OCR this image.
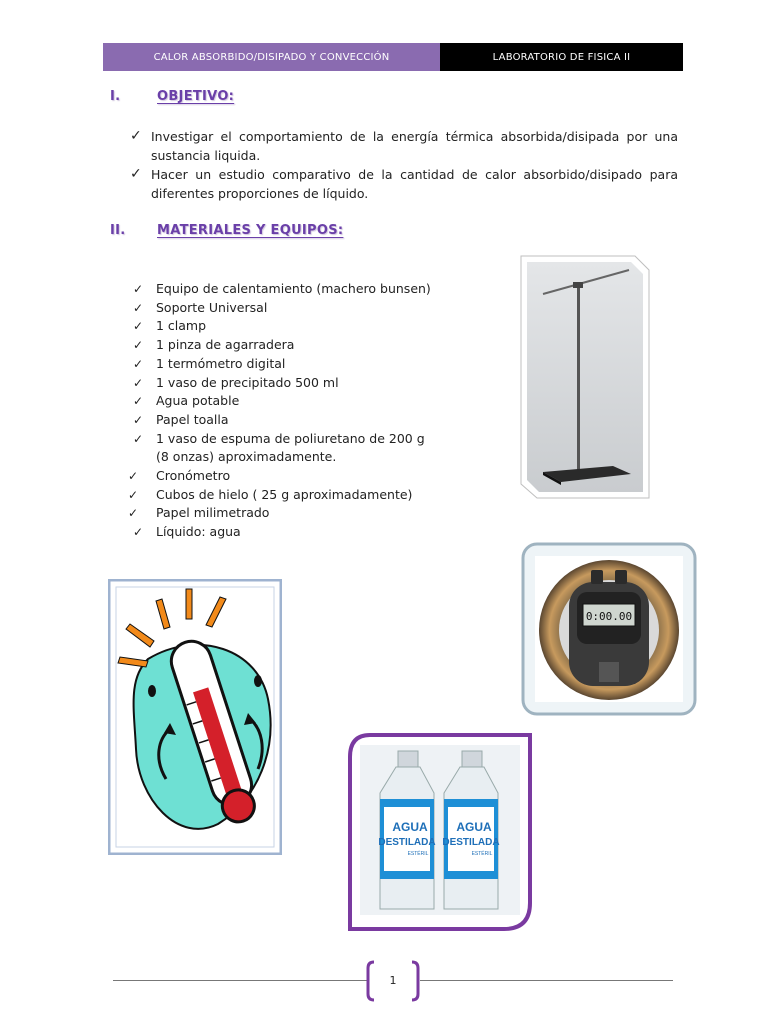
CALOR ABSORBIDO/DISIPADO Y CONVECCIÓN	LABORATORIO DE FISICA II
I.	OBJETIVO:
✓ Investigar el comportamiento de la energía térmica absorbida/disipada por una sustancia liquida.
✓ Hacer un estudio comparativo de la cantidad de calor absorbido/disipado para diferentes proporciones de líquido.
II. MATERIALES Y EQUIPOS:
✓ Equipo de calentamiento (machero bunsen)
✓ Soporte Universal
✓ 1 clamp
✓ 1 pinza de agarradera
✓ 1 termómetro digital
✓ 1 vaso de precipitado 500 ml
✓ Agua potable
✓ Papel toalla
✓ 1 vaso de espuma de poliuretano de 200 g
(8 onzas) aproximadamente.
✓ Cronómetro
✓ Cubos de hielo ( 25 g aproximadamente)
✓ Papel milimetrado
✓ Líquido: agua
0:00.00
AGUA
DESTILADA
ESTÉRIL
AGUA
DESTILADA
ESTÉRIL
1
